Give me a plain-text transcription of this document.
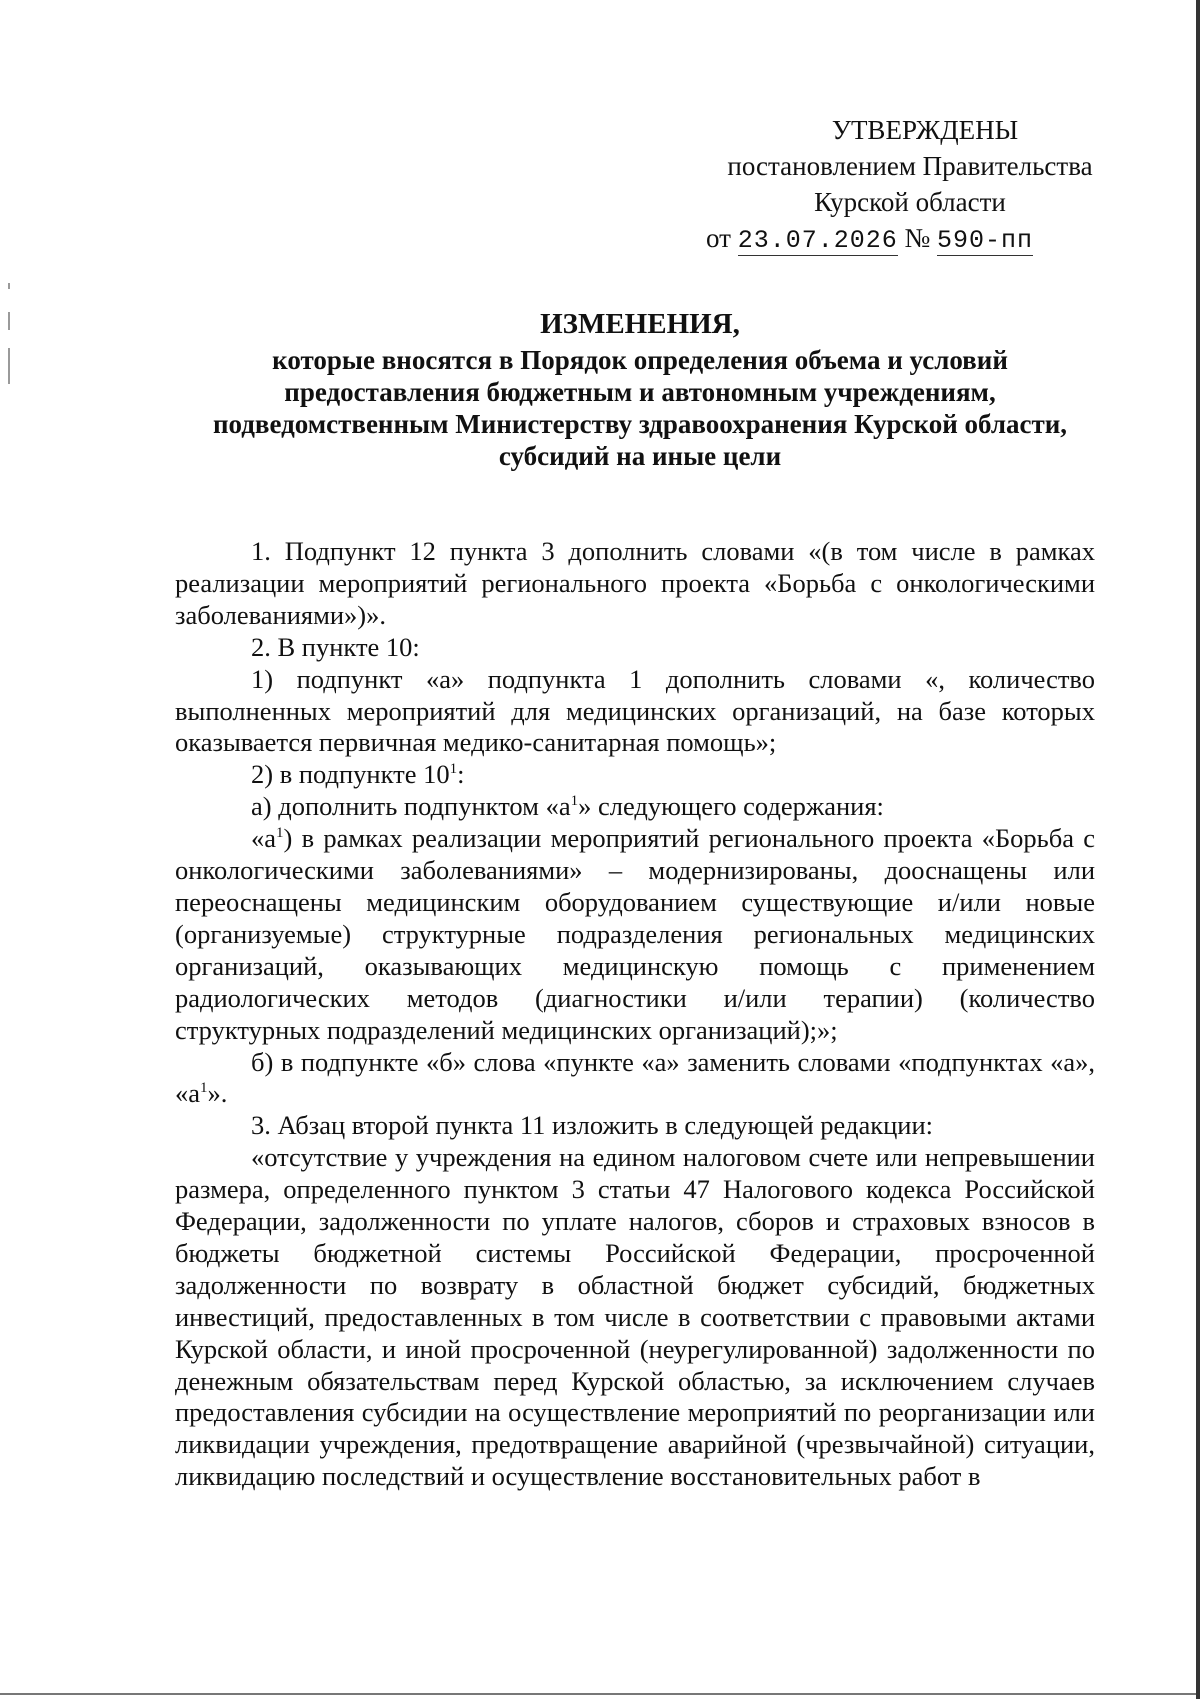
УТВЕРЖДЕНЫ
постановлением Правительства
Курской области
от 23.07.2026 № 590-пп
ИЗМЕНЕНИЯ,
которые вносятся в Порядок определения объема и условий
предоставления бюджетным и автономным учреждениям,
подведомственным Министерству здравоохранения Курской области,
субсидий на иные цели

1. Подпункт 12 пункта 3 дополнить словами «(в том числе в рамках реализации мероприятий регионального проекта «Борьба с онкологическими заболеваниями»)».

2. В пункте 10:

1) подпункт «а» подпункта 1 дополнить словами «, количество выполненных мероприятий для медицинских организаций, на базе которых оказывается первичная медико-санитарная помощь»;

2) в подпункте $10^1$:

а) дополнить подпунктом «$а^1$» следующего содержания:

«$а^1$) в рамках реализации мероприятий регионального проекта «Борьба с онкологическими заболеваниями» – модернизированы, дооснащены или переоснащены медицинским оборудованием существующие и/или новые (организуемые) структурные подразделения региональных медицинских организаций, оказывающих медицинскую помощь с применением радиологических методов (диагностики и/или терапии) (количество структурных подразделений медицинских организаций);»;

б) в подпункте «б» слова «пункте «а» заменить словами «подпунктах «а», «$а^1$».

3. Абзац второй пункта 11 изложить в следующей редакции:

«отсутствие у учреждения на едином налоговом счете или непревышении размера, определенного пунктом 3 статьи 47 Налогового кодекса Российской Федерации, задолженности по уплате налогов, сборов и страховых взносов в бюджеты бюджетной системы Российской Федерации, просроченной задолженности по возврату в областной бюджет субсидий, бюджетных инвестиций, предоставленных в том числе в соответствии с правовыми актами Курской области, и иной просроченной (неурегулированной) задолженности по денежным обязательствам перед Курской областью, за исключением случаев предоставления субсидии на осуществление мероприятий по реорганизации или ликвидации учреждения, предотвращение аварийной (чрезвычайной) ситуации, ликвидацию последствий и осуществление восстановительных работ в
